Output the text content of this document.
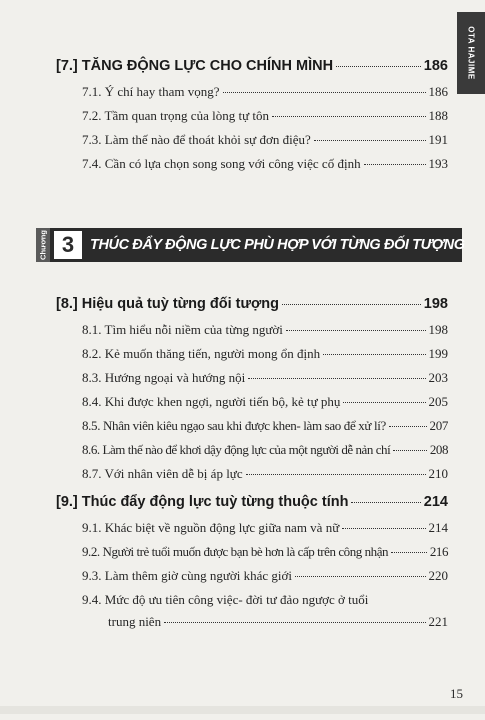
OTA HAJIME
[7.] TĂNG ĐỘNG LỰC CHO CHÍNH MÌNH	186
7.1. Ý chí hay tham vọng?	186
7.2. Tầm quan trọng của lòng tự tôn	188
7.3. Làm thế nào để thoát khỏi sự đơn điệu?	191
7.4. Cần có lựa chọn song song với công việc cố định	193
Chương 3	THÚC ĐẨY ĐỘNG LỰC PHÙ HỢP VỚI TỪNG ĐỐI TƯỢNG
[8.] Hiệu quả tuỳ từng đối tượng	198
8.1. Tìm hiểu nỗi niềm của từng người	198
8.2. Kẻ muốn thăng tiến, người mong ổn định	199
8.3. Hướng ngoại và hướng nội	203
8.4. Khi được khen ngợi, người tiến bộ, kẻ tự phụ	205
8.5. Nhân viên kiêu ngạo sau khi được khen- làm sao để xử lí?	207
8.6. Làm thế nào để khơi dậy động lực của một người dễ nản chí	208
8.7. Với nhân viên dễ bị áp lực	210
[9.] Thúc đẩy động lực tuỳ từng thuộc tính	214
9.1. Khác biệt về nguồn động lực giữa nam và nữ	214
9.2. Người trẻ tuổi muốn được bạn bè hơn là cấp trên công nhận	216
9.3. Làm thêm giờ cùng người khác giới	220
9.4. Mức độ ưu tiên công việc- đời tư đảo ngược ở tuổi
trung niên	221
15
